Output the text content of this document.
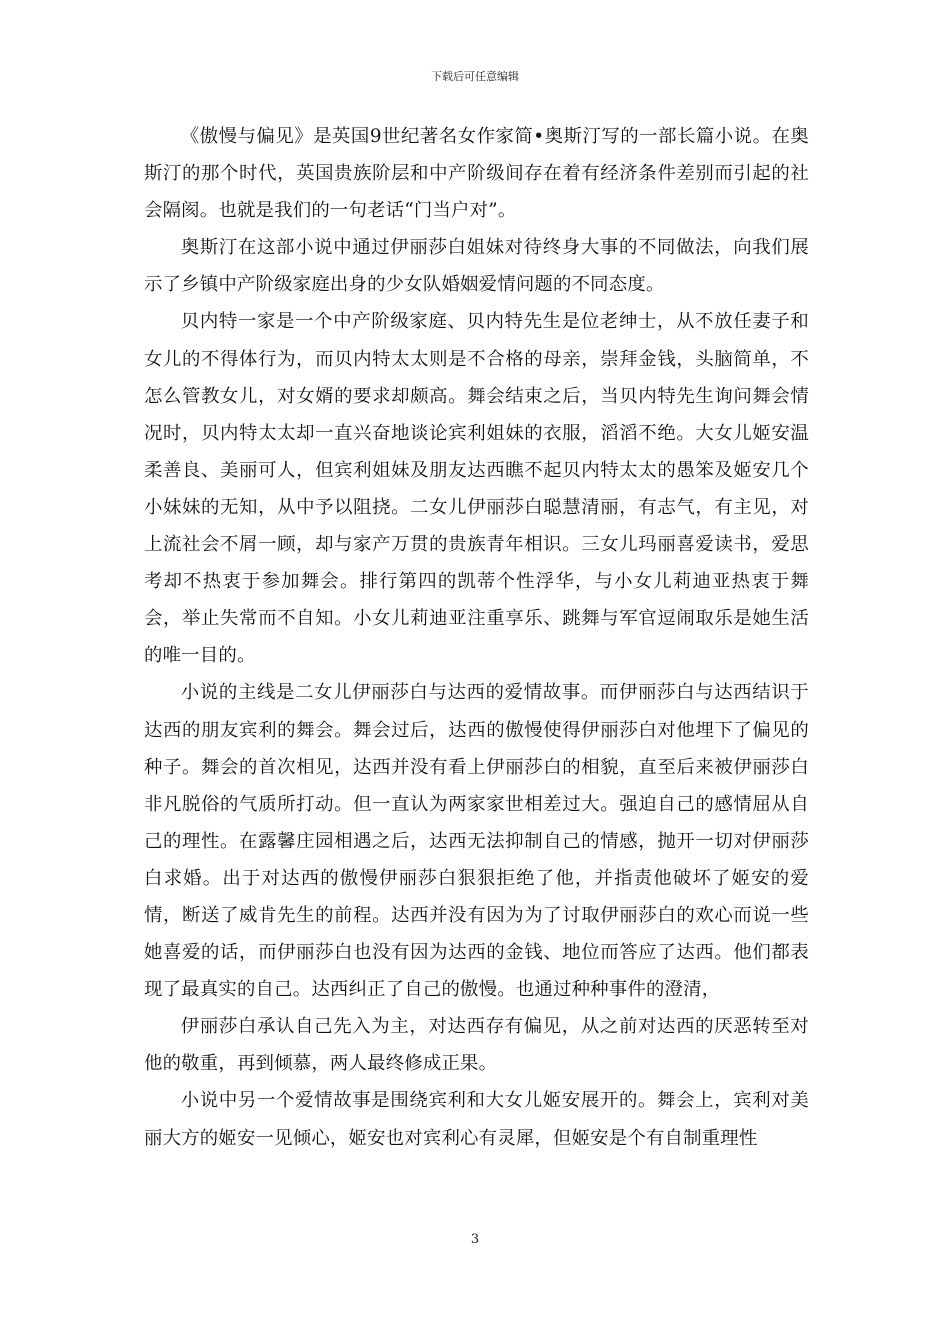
下载后可任意编辑

《傲慢与偏见》是英国9世纪著名女作家简•奥斯汀写的一部长篇小说。在奥斯汀的那个时代，英国贵族阶层和中产阶级间存在着有经济条件差别而引起的社会隔阂。也就是我们的一句老话“门当户对”。

奥斯汀在这部小说中通过伊丽莎白姐妹对待终身大事的不同做法，向我们展示了乡镇中产阶级家庭出身的少女队婚姻爱情问题的不同态度。

贝内特一家是一个中产阶级家庭、贝内特先生是位老绅士，从不放任妻子和女儿的不得体行为，而贝内特太太则是不合格的母亲，崇拜金钱，头脑简单，不怎么管教女儿，对女婿的要求却颇高。舞会结束之后，当贝内特先生询问舞会情况时，贝内特太太却一直兴奋地谈论宾利姐妹的衣服，滔滔不绝。大女儿姬安温柔善良、美丽可人，但宾利姐妹及朋友达西瞧不起贝内特太太的愚笨及姬安几个小妹妹的无知，从中予以阻挠。二女儿伊丽莎白聪慧清丽，有志气，有主见，对上流社会不屑一顾，却与家产万贯的贵族青年相识。三女儿玛丽喜爱读书，爱思考却不热衷于参加舞会。排行第四的凯蒂个性浮华，与小女儿莉迪亚热衷于舞会，举止失常而不自知。小女儿莉迪亚注重享乐、跳舞与军官逗闹取乐是她生活的唯一目的。

小说的主线是二女儿伊丽莎白与达西的爱情故事。而伊丽莎白与达西结识于达西的朋友宾利的舞会。舞会过后，达西的傲慢使得伊丽莎白对他埋下了偏见的种子。舞会的首次相见，达西并没有看上伊丽莎白的相貌，直至后来被伊丽莎白非凡脱俗的气质所打动。但一直认为两家家世相差过大。强迫自己的感情屈从自己的理性。在露馨庄园相遇之后，达西无法抑制自己的情感，抛开一切对伊丽莎白求婚。出于对达西的傲慢伊丽莎白狠狠拒绝了他，并指责他破坏了姬安的爱情，断送了威肯先生的前程。达西并没有因为为了讨取伊丽莎白的欢心而说一些她喜爱的话，而伊丽莎白也没有因为达西的金钱、地位而答应了达西。他们都表现了最真实的自己。达西纠正了自己的傲慢。也通过种种事件的澄清，

伊丽莎白承认自己先入为主，对达西存有偏见，从之前对达西的厌恶转至对他的敬重，再到倾慕，两人最终修成正果。

小说中另一个爱情故事是围绕宾利和大女儿姬安展开的。舞会上，宾利对美丽大方的姬安一见倾心，姬安也对宾利心有灵犀，但姬安是个有自制重理性

3
